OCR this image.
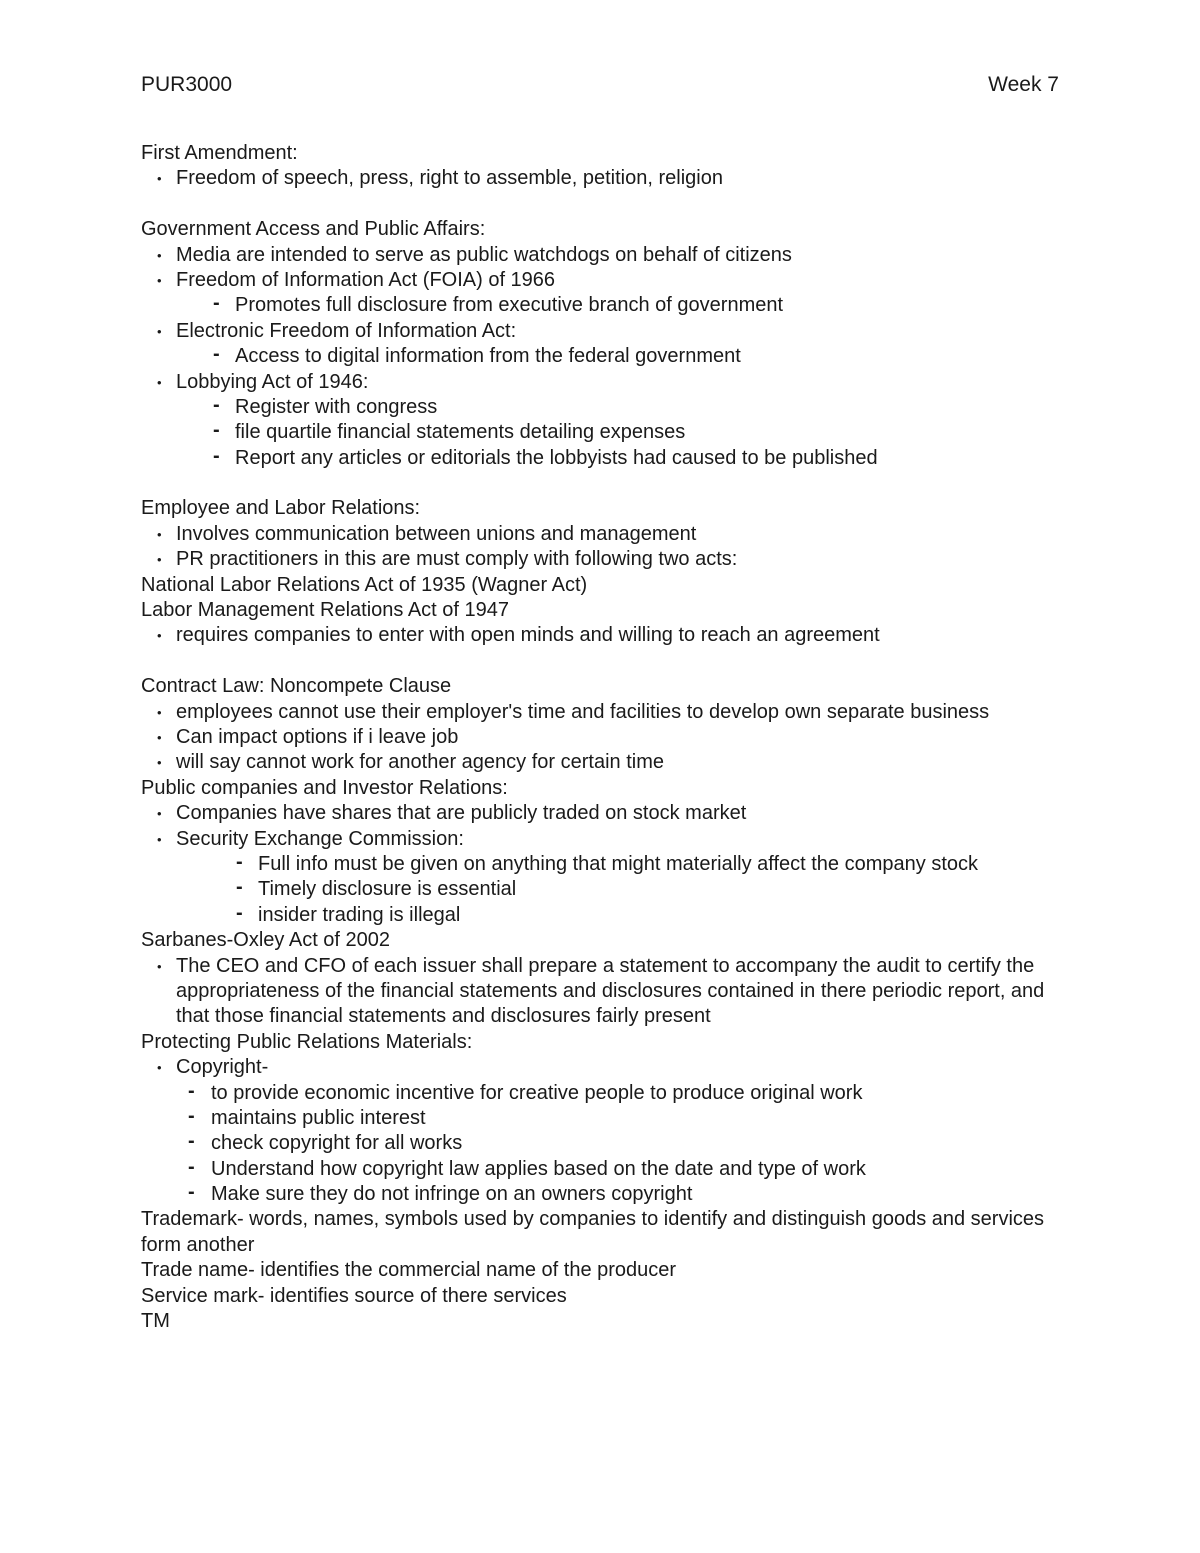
PUR3000	Week 7
First Amendment:
• Freedom of speech, press, right to assemble, petition, religion
Government Access and Public Affairs:
• Media are intended to serve as public watchdogs on behalf of citizens
• Freedom of Information Act (FOIA) of 1966
- Promotes full disclosure from executive branch of government
• Electronic Freedom of Information Act:
- Access to digital information from the federal government
• Lobbying Act of 1946:
- Register with congress
- file quartile financial statements detailing expenses
- Report any articles or editorials the lobbyists had caused to be published
Employee and Labor Relations:
• Involves communication between unions and management
• PR practitioners in this are must comply with following two acts:
National Labor Relations Act of 1935 (Wagner Act)
Labor Management Relations Act of 1947
• requires companies to enter with open minds and willing to reach an agreement
Contract Law: Noncompete Clause
• employees cannot use their employer's time and facilities to develop own separate business
• Can impact options if i leave job
• will say cannot work for another agency for certain time
Public companies and Investor Relations:
• Companies have shares that are publicly traded on stock market
• Security Exchange Commission:
- Full info must be given on anything that might materially affect the company stock
- Timely disclosure is essential
- insider trading is illegal
Sarbanes-Oxley Act of 2002
• The CEO and CFO of each issuer shall prepare a statement to accompany the audit to certify the appropriateness of the financial statements and disclosures contained in there periodic report, and that those financial statements and disclosures fairly present
Protecting Public Relations Materials:
• Copyright-
- to provide economic incentive for creative people to produce original work
- maintains public interest
- check copyright for all works
- Understand how copyright law applies based on the date and type of work
- Make sure they do not infringe on an owners copyright
Trademark- words, names, symbols used by companies to identify and distinguish goods and services form another
Trade name- identifies the commercial name of the producer
Service mark- identifies source of there services
TM
